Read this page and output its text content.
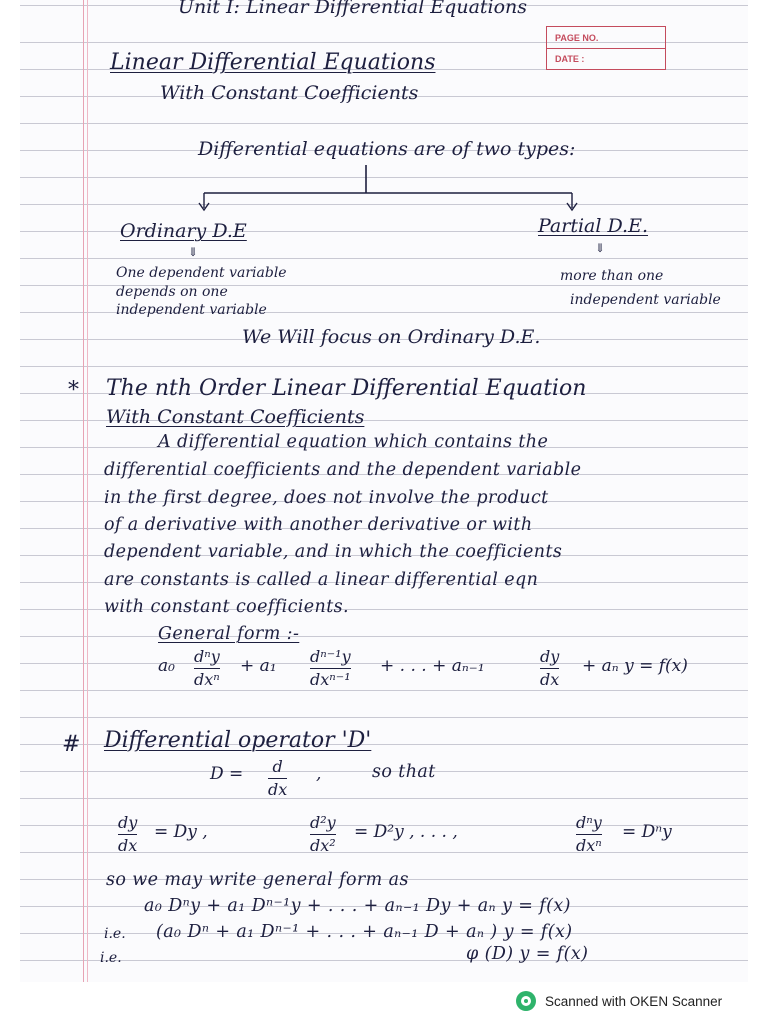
Unit I: Linear Differential Equations
PAGE NO.
DATE :
Linear Differential Equations
With Constant Coefficients
Differential equations are of two types:
Ordinary D.E
⇓
One dependent variable
depends on one
independent variable
Partial D.E.
⇓
more than one
independent variable
We Will focus on Ordinary D.E.
* The nth Order Linear Differential Equation
With Constant Coefficients
A differential equation which contains the
differential coefficients and the dependent variable
in the first degree, does not involve the product
of a derivative with another derivative or with
dependent variable, and in which the coefficients
are constants is called a linear differential eqn
with constant coefficients.
General form :-
a₀ dⁿy
dxⁿ
+ a₁ dⁿ⁻¹y
dxⁿ⁻¹
+ . . . + aₙ₋₁	dy
dx
+ aₙ y = f(x)
# Differential operator 'D'
D = d
dx
,	so that
dy
dx
= Dy ,	d²y
dx²
= D²y , . . . ,	dⁿy
dxⁿ
= Dⁿy
so we may write general form as
a₀ Dⁿy + a₁ Dⁿ⁻¹y + . . . + aₙ₋₁ Dy + aₙ y = f(x)
i.e. (a₀ Dⁿ + a₁ Dⁿ⁻¹ + . . . + aₙ₋₁ D + aₙ ) y = f(x)
i.e.	φ (D) y = f(x)
Scanned with OKEN Scanner
